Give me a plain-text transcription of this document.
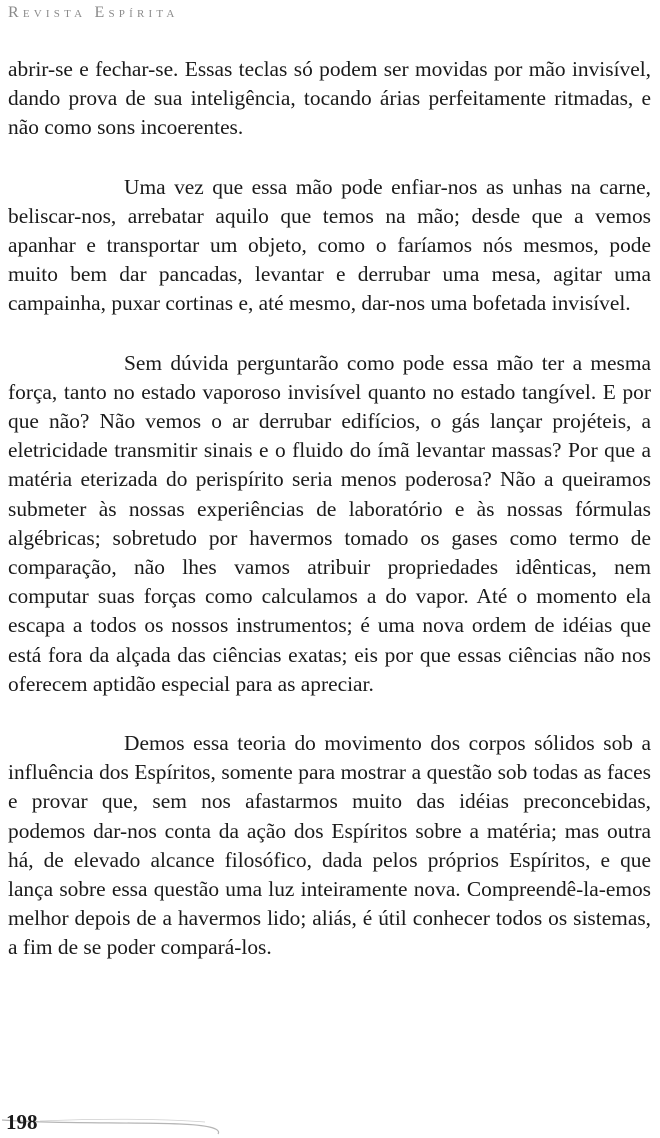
Revista Espírita

abrir-se e fechar-se. Essas teclas só podem ser movidas por mão invisível, dando prova de sua inteligência, tocando árias perfeitamente ritmadas, e não como sons incoerentes.

Uma vez que essa mão pode enfiar-nos as unhas na carne, beliscar-nos, arrebatar aquilo que temos na mão; desde que a vemos apanhar e transportar um objeto, como o faríamos nós mesmos, pode muito bem dar pancadas, levantar e derrubar uma mesa, agitar uma campainha, puxar cortinas e, até mesmo, dar-nos uma bofetada invisível.

Sem dúvida perguntarão como pode essa mão ter a mesma força, tanto no estado vaporoso invisível quanto no estado tangível. E por que não? Não vemos o ar derrubar edifícios, o gás lançar projéteis, a eletricidade transmitir sinais e o fluido do ímã levantar massas? Por que a matéria eterizada do perispírito seria menos poderosa? Não a queiramos submeter às nossas experiências de laboratório e às nossas fórmulas algébricas; sobretudo por havermos tomado os gases como termo de comparação, não lhes vamos atribuir propriedades idênticas, nem computar suas forças como calculamos a do vapor. Até o momento ela escapa a todos os nossos instrumentos; é uma nova ordem de idéias que está fora da alçada das ciências exatas; eis por que essas ciências não nos oferecem aptidão especial para as apreciar.

Demos essa teoria do movimento dos corpos sólidos sob a influência dos Espíritos, somente para mostrar a questão sob todas as faces e provar que, sem nos afastarmos muito das idéias preconcebidas, podemos dar-nos conta da ação dos Espíritos sobre a matéria; mas outra há, de elevado alcance filosófico, dada pelos próprios Espíritos, e que lança sobre essa questão uma luz inteiramente nova. Compreendê-la-emos melhor depois de a havermos lido; aliás, é útil conhecer todos os sistemas, a fim de se poder compará-los.

198
